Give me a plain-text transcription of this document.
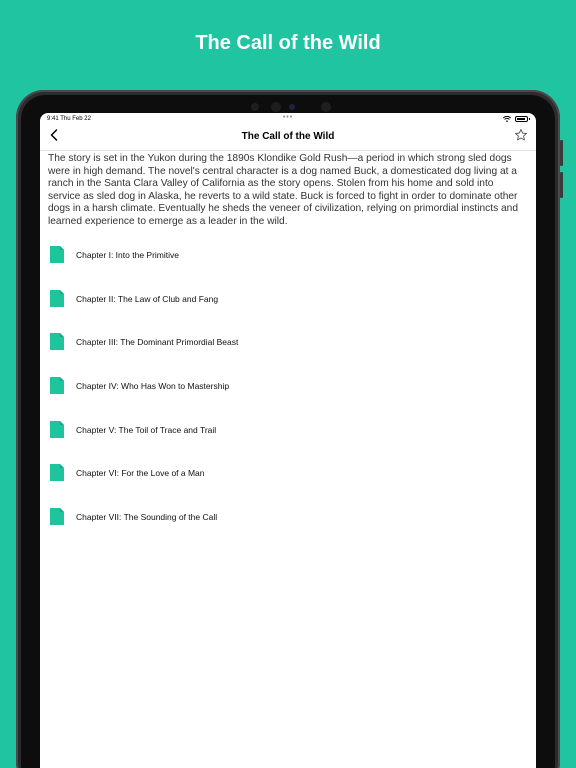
The Call of the Wild
9:41 Thu Feb 22	•••
The Call of the Wild

The story is set in the Yukon during the 1890s Klondike Gold Rush—a period in which strong sled dogs were in high demand. The novel's central character is a dog named Buck, a domesticated dog living at a ranch in the Santa Clara Valley of California as the story opens. Stolen from his home and sold into service as sled dog in Alaska, he reverts to a wild state. Buck is forced to fight in order to dominate other dogs in a harsh climate. Eventually he sheds the veneer of civilization, relying on primordial instincts and learned experience to emerge as a leader in the wild.

Chapter I: Into the Primitive
Chapter II: The Law of Club and Fang
Chapter III: The Dominant Primordial Beast
Chapter IV: Who Has Won to Mastership
Chapter V: The Toil of Trace and Trail
Chapter VI: For the Love of a Man
Chapter VII: The Sounding of the Call
